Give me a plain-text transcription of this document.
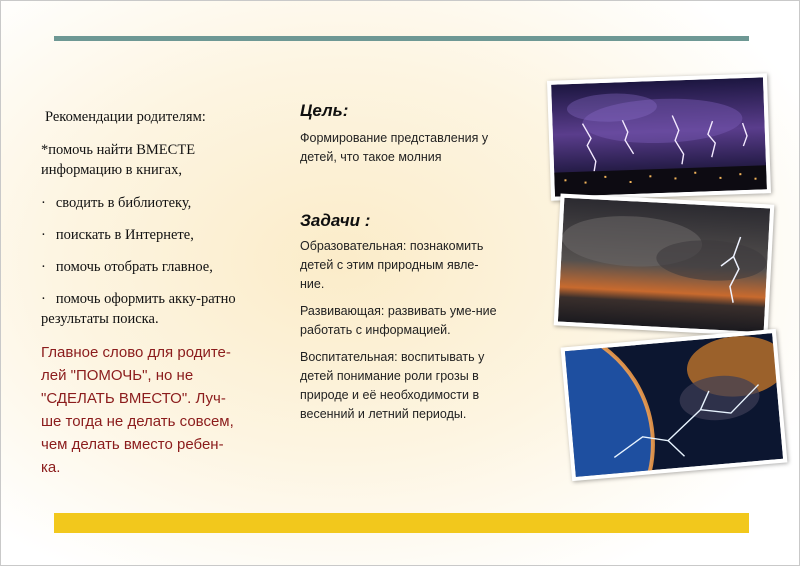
Рекомендации родителям:

*помочь найти ВМЕСТЕ информацию в книгах,

· сводить в библиотеку,
· поискать в Интернете,
· помочь отобрать главное,
· помочь оформить акку-ратно результаты поиска.

Главное слово для родите-лей "ПОМОЧЬ", но не "СДЕЛАТЬ ВМЕСТО". Луч-ше тогда не делать совсем, чем делать вместо ребен-ка.

Цель:

Формирование представления у детей, что такое молния

Задачи :

Образовательная: познакомить детей с этим природным явле-ние.

Развивающая: развивать уме-ние работать с информацией.

Воспитательная: воспитывать у детей понимание роли грозы в природе и её необходимости в весенний и летний периоды.
